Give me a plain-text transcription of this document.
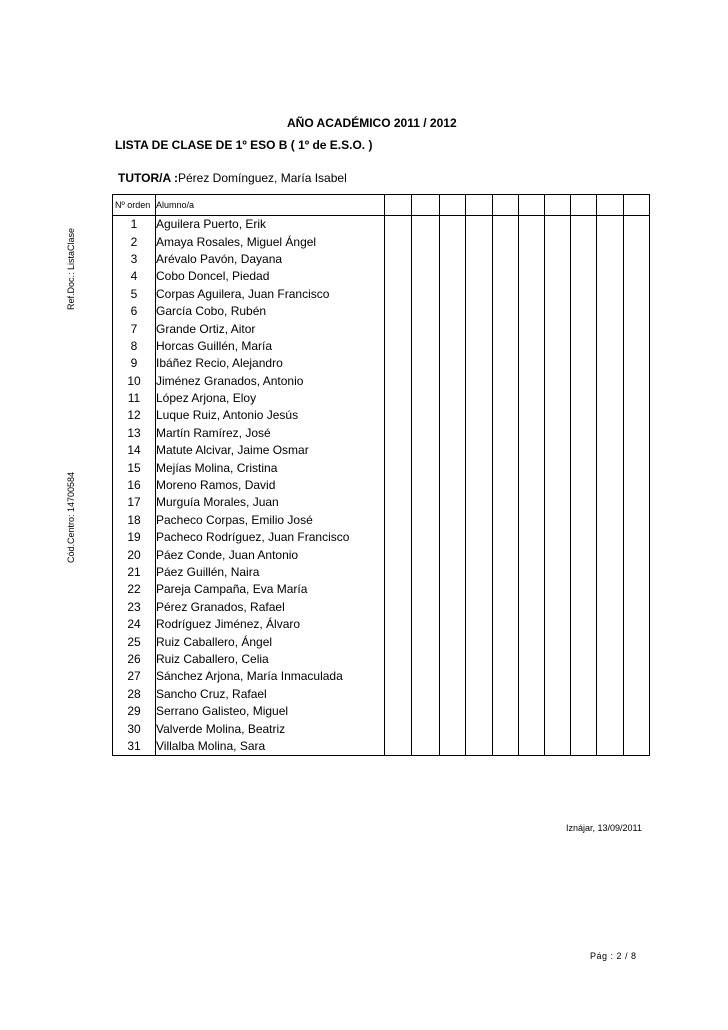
AÑO ACADÉMICO 2011 / 2012
LISTA DE CLASE DE 1º ESO B ( 1º de E.S.O. )
TUTOR/A :Pérez Domínguez, María Isabel
Ref.Doc.: ListaClase
Cód.Centro: 14700584
Nº orden	Alumno/a										
1	Aguilera Puerto, Erik										
2	Amaya Rosales, Miguel Ángel										
3	Arévalo Pavón, Dayana										
4	Cobo Doncel, Piedad										
5	Corpas Aguilera, Juan Francisco										
6	García Cobo, Rubén										
7	Grande Ortiz, Aitor										
8	Horcas Guillén, María										
9	Ibáñez Recio, Alejandro										
10	Jiménez Granados, Antonio										
11	López Arjona, Eloy										
12	Luque Ruiz, Antonio Jesús										
13	Martín Ramírez, José										
14	Matute Alcivar, Jaime Osmar										
15	Mejías Molina, Cristina										
16	Moreno Ramos, David										
17	Murguía Morales, Juan										
18	Pacheco Corpas, Emilio José										
19	Pacheco Rodríguez, Juan Francisco										
20	Páez Conde, Juan Antonio										
21	Páez Guillén, Naira										
22	Pareja Campaña, Eva María										
23	Pérez Granados, Rafael										
24	Rodríguez Jiménez, Álvaro										
25	Ruiz Caballero, Ángel										
26	Ruiz Caballero, Celia										
27	Sánchez Arjona, María Inmaculada										
28	Sancho Cruz, Rafael										
29	Serrano Galisteo, Miguel										
30	Valverde Molina, Beatriz										
31	Villalba Molina, Sara										
Iznájar, 13/09/2011
Pág : 2 / 8
